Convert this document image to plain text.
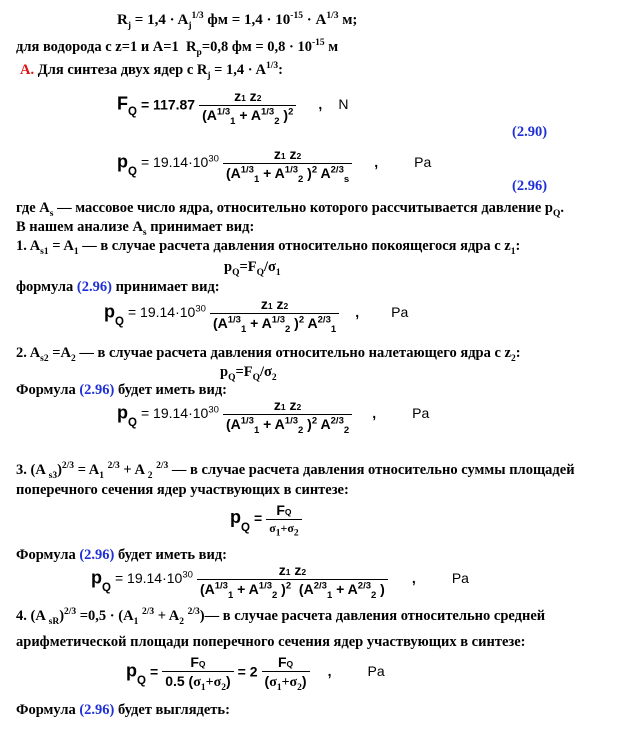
$R_j = 1,4 \cdot A_j^{1/3}$ фм = $1,4 \cdot 10^{-15} \cdot A^{1/3}$ м;
для водорода с z=1 и A=1  $R_p=0,8$ фм = $0,8 \cdot 10^{-15}$ м
А. Для синтеза двух ядер с $R_j = 1,4 \cdot A^{1/3}$:
$F_Q = 117.87 \frac{z1 z2}{(A^{1/3}_1 + A^{1/3}_2 )^2}$ , N
(2.90)
$p_Q = 19.14\cdot 10^{30} \frac{z1 z2}{(A^{1/3}_1 + A^{1/3}_2 )^2 A^{2/3}_s}$ ,	Pa
(2.96)
где $A_s$ — массовое число ядра, относительно которого рассчитывается давление $p_Q$.
В нашем анализе $A_s$ принимает вид:
1. $A_{s1} = A_1$ — в случае расчета давления относительно покоящегося ядра с $z_1$:
$p_Q=F_Q/\sigma_1$
формула (2.96) принимает вид:
$p_Q = 19.14\cdot 10^{30} \frac{z1 z2}{(A^{1/3}_1 + A^{1/3}_2 )^2 A^{2/3}_1}$ , Pa
2. $A_{s2} =A_2$ — в случае расчета давления относительно налетающего ядра с $z_2$:
$p_Q=F_Q/\sigma_2$
Формула (2.96) будет иметь вид:
$p_Q = 19.14\cdot 10^{30} \frac{z1 z2}{(A^{1/3}_1 + A^{1/3}_2 )^2 A^{2/3}_2}$ ,	Pa
3. (A $_{s3})^{2/3} = A_1$ $^{2/3}$ + A $_2$ $^{2/3}$ — в случае расчета давления относительно суммы площадей
поперечного сечения ядер участвующих в синтезе:
$p_Q = \frac{FQ}{\sigma_1+\sigma_2}$
Формула (2.96) будет иметь вид:
$p_Q = 19.14\cdot 10^{30} \frac{z1 z2}{(A^{1/3}_1 + A^{1/3}_2 )^2 (A^{2/3}_1 + A^{2/3}_2 )}$ ,	Pa
4. (A $_{sR})^{2/3} =0,5 \cdot (A_1$ $^{2/3} + A_2$ $^{2/3}$)— в случае расчета давления относительно средней
арифметической площади поперечного сечения ядер участвующих в синтезе:
$p_Q = \frac{FQ}{0.5 (\sigma_1+\sigma_2)} = 2 \frac{FQ}{(\sigma_1+\sigma_2)}$ ,	Pa
Формула (2.96) будет выглядеть:
